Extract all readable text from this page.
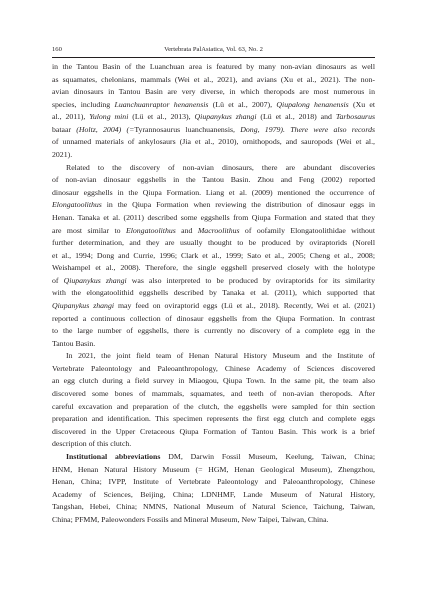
160	Vertebrata PalAsiatica, Vol. 63, No. 2
in the Tantou Basin of the Luanchuan area is featured by many non-avian dinosaurs as well
as squamates, chelonians, mammals (Wei et al., 2021), and avians (Xu et al., 2021). The non-
avian dinosaurs in Tantou Basin are very diverse, in which theropods are most numerous in
species, including Luanchuanraptor henanensis (Lü et al., 2007), Qiupalong henanensis (Xu et
al., 2011), Yulong mini (Lü et al., 2013), Qiupanykus zhangi (Lü et al., 2018) and Tarbosaurus
bataar (Holtz, 2004) (=Tyrannosaurus luanchuanensis, Dong, 1979). There were also records
of unnamed materials of ankylosaurs (Jia et al., 2010), ornithopods, and sauropods (Wei et al.,
2021).
Related to the discovery of non-avian dinosaurs, there are abundant discoveries
of non-avian dinosaur eggshells in the Tantou Basin. Zhou and Feng (2002) reported
dinosaur eggshells in the Qiupa Formation. Liang et al. (2009) mentioned the occurrence of
Elongatoolithus in the Qiupa Formation when reviewing the distribution of dinosaur eggs in
Henan. Tanaka et al. (2011) described some eggshells from Qiupa Formation and stated that they
are most similar to Elongatoolithus and Macroolithus of oofamily Elongatoolithidae without
further determination, and they are usually thought to be produced by oviraptorids (Norell
et al., 1994; Dong and Currie, 1996; Clark et al., 1999; Sato et al., 2005; Cheng et al., 2008;
Weishampel et al., 2008). Therefore, the single eggshell preserved closely with the holotype
of Qiupanykus zhangi was also interpreted to be produced by oviraptorids for its similarity
with the elongatoolithid eggshells described by Tanaka et al. (2011), which supported that
Qiupanykus zhangi may feed on oviraptorid eggs (Lü et al., 2018). Recently, Wei et al. (2021)
reported a continuous collection of dinosaur eggshells from the Qiupa Formation. In contrast
to the large number of eggshells, there is currently no discovery of a complete egg in the
Tantou Basin.
In 2021, the joint field team of Henan Natural History Museum and the Institute of
Vertebrate Paleontology and Paleoanthropology, Chinese Academy of Sciences discovered
an egg clutch during a field survey in Miaogou, Qiupa Town. In the same pit, the team also
discovered some bones of mammals, squamates, and teeth of non-avian theropods. After
careful excavation and preparation of the clutch, the eggshells were sampled for thin section
preparation and identification. This specimen represents the first egg clutch and complete eggs
discovered in the Upper Cretaceous Qiupa Formation of Tantou Basin. This work is a brief
description of this clutch.
Institutional abbreviations DM, Darwin Fossil Museum, Keelung, Taiwan, China;
HNM, Henan Natural History Museum (= HGM, Henan Geological Museum), Zhengzhou,
Henan, China; IVPP, Institute of Vertebrate Paleontology and Paleoanthropology, Chinese
Academy of Sciences, Beijing, China; LDNHMF, Lande Museum of Natural History,
Tangshan, Hebei, China; NMNS, National Museum of Natural Science, Taichung, Taiwan,
China; PFMM, Paleowonders Fossils and Mineral Museum, New Taipei, Taiwan, China.
